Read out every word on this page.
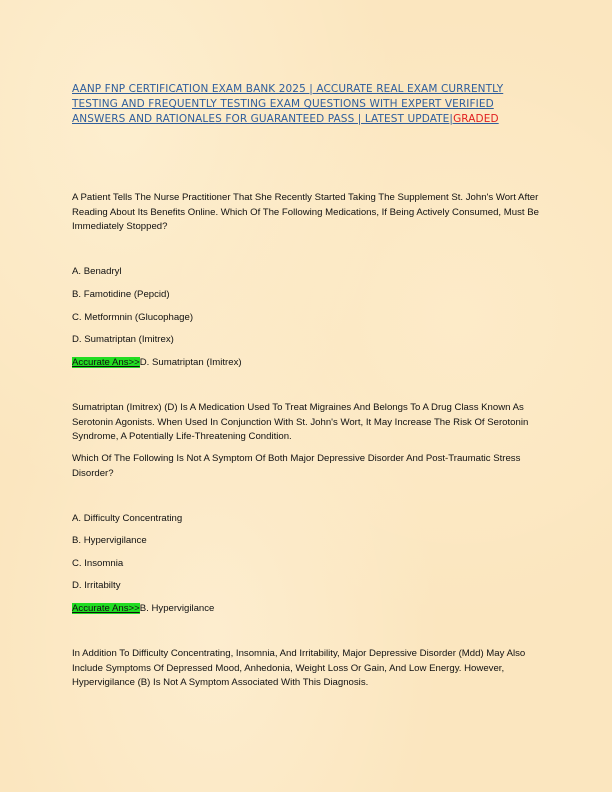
AANP FNP CERTIFICATION EXAM BANK 2025 | ACCURATE REAL EXAM CURRENTLY TESTING AND FREQUENTLY TESTING EXAM QUESTIONS WITH EXPERT VERIFIED ANSWERS AND RATIONALES FOR GUARANTEED PASS | LATEST UPDATE|GRADED
A Patient Tells The Nurse Practitioner That She Recently Started Taking The Supplement St. John's Wort After Reading About Its Benefits Online. Which Of The Following Medications, If Being Actively Consumed, Must Be Immediately Stopped?
A. Benadryl
B. Famotidine (Pepcid)
C. Metformnin (Glucophage)
D. Sumatriptan (Imitrex)
Accurate Ans>>D. Sumatriptan (Imitrex)
Sumatriptan (Imitrex) (D) Is A Medication Used To Treat Migraines And Belongs To A Drug Class Known As Serotonin Agonists. When Used In Conjunction With St. John's Wort, It May Increase The Risk Of Serotonin Syndrome, A Potentially Life-Threatening Condition.
Which Of The Following Is Not A Symptom Of Both Major Depressive Disorder And Post-Traumatic Stress Disorder?
A. Difficulty Concentrating
B. Hypervigilance
C. Insomnia
D. Irritabilty
Accurate Ans>>B. Hypervigilance
In Addition To Difficulty Concentrating, Insomnia, And Irritability, Major Depressive Disorder (Mdd) May Also Include Symptoms Of Depressed Mood, Anhedonia, Weight Loss Or Gain, And Low Energy. However, Hypervigilance (B) Is Not A Symptom Associated With This Diagnosis.
